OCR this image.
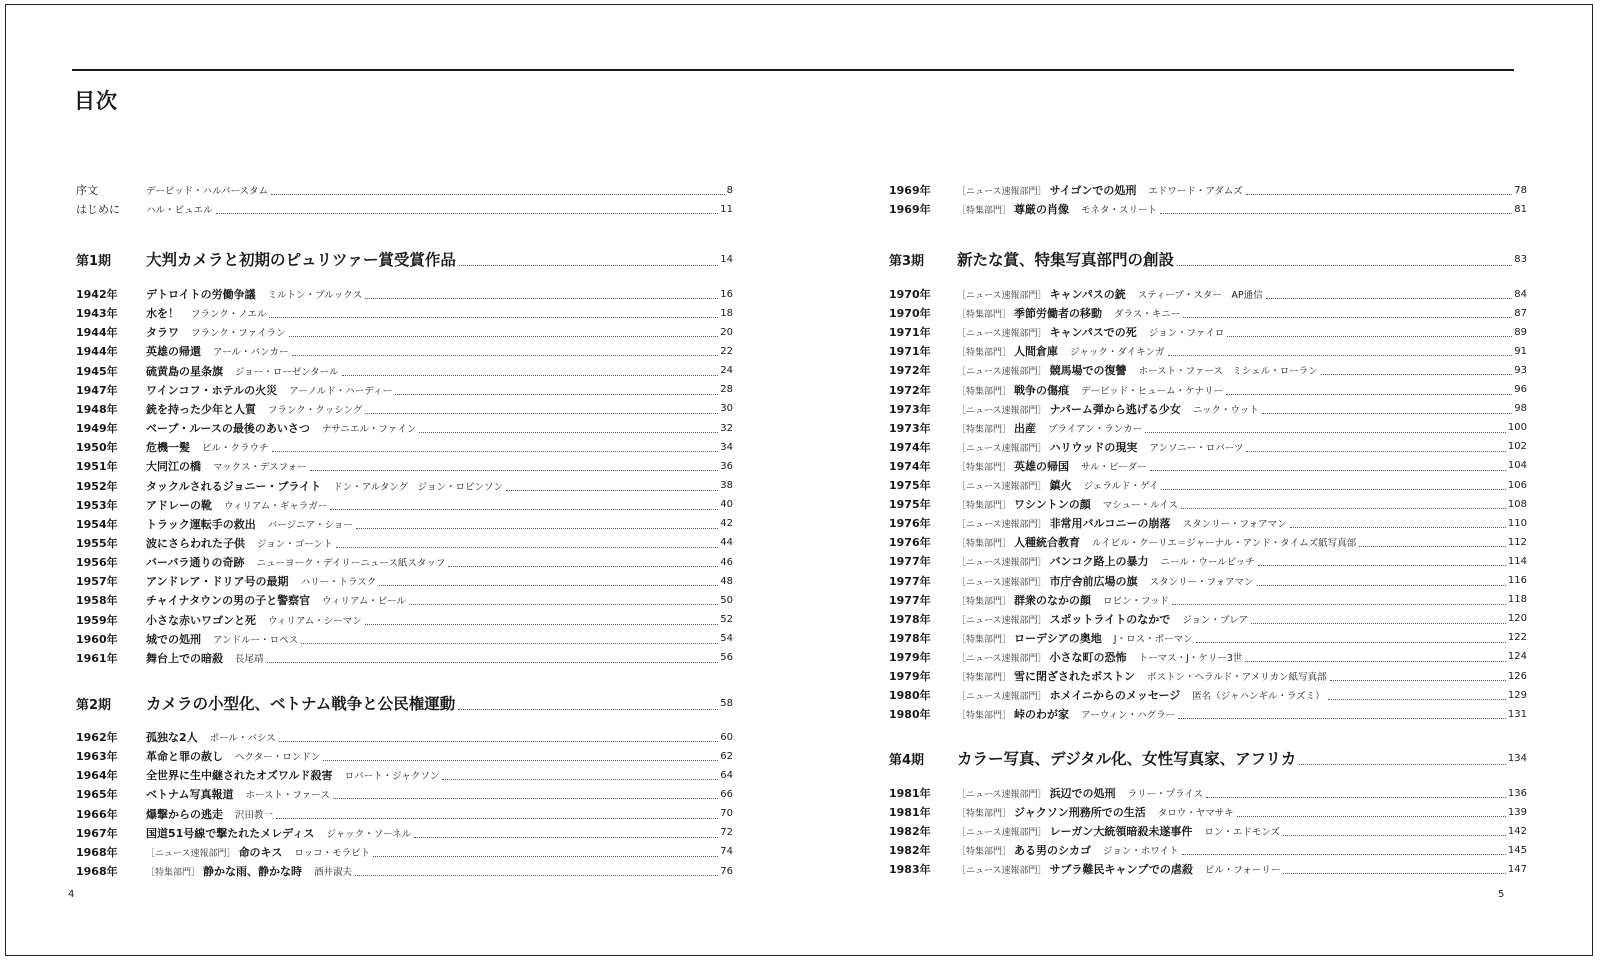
目次
序文	デービッド・ハルバースタム	8
はじめに	ハル・ビュエル	11
第1期	大判カメラと初期のピュリツァー賞受賞作品	14
1942年	デトロイトの労働争議 ミルトン・ブルックス	16
1943年	水を！ フランク・ノエル	18
1944年	タラワ フランク・ファイラン	20
1944年	英雄の帰還 アール・バンカー	22
1945年	硫黄島の星条旗 ジョー・ローゼンタール	24
1947年	ワインコフ・ホテルの火災 アーノルド・ハーディー	28
1948年	銃を持った少年と人質 フランク・クッシング	30
1949年	ベーブ・ルースの最後のあいさつ ナサニエル・ファイン	32
1950年	危機一髪 ビル・クラウチ	34
1951年	大同江の橋 マックス・デスフォー	36
1952年	タックルされるジョニー・ブライト ドン・アルタング　ジョン・ロビンソン	38
1953年	アドレーの靴 ウィリアム・ギャラガー	40
1954年	トラック運転手の救出 バージニア・ショー	42
1955年	波にさらわれた子供 ジョン・ゴーント	44
1956年	バーバラ通りの奇跡 ニューヨーク・デイリーニュース紙スタッフ	46
1957年	アンドレア・ドリア号の最期 ハリー・トラスク	48
1958年	チャイナタウンの男の子と警察官 ウィリアム・ビール	50
1959年	小さな赤いワゴンと死 ウィリアム・シーマン	52
1960年	城での処刑 アンドルー・ロペス	54
1961年	舞台上での暗殺 長尾靖	56
第2期	カメラの小型化、ベトナム戦争と公民権運動	58
1962年	孤独な2人 ポール・バシス	60
1963年	革命と罪の赦し ヘクター・ロンドン	62
1964年	全世界に生中継されたオズワルド殺害 ロバート・ジャクソン	64
1965年	ベトナム写真報道 ホースト・ファース	66
1966年	爆撃からの逃走 沢田教一	70
1967年	国道51号線で撃たれたメレディス ジャック・ソーネル	72
1968年	［ニュース速報部門］ 命のキス ロッコ・モラビト	74
1968年	［特集部門］ 静かな雨、静かな時 酒井淑夫	76
1969年	［ニュース速報部門］ サイゴンでの処刑 エドワード・アダムズ	78
1969年	［特集部門］ 尊厳の肖像 モネタ・スリート	81
第3期	新たな賞、特集写真部門の創設	83
1970年	［ニュース速報部門］ キャンパスの銃 スティーブ・スター　AP通信	84
1970年	［特集部門］ 季節労働者の移動 ダラス・キニー	87
1971年	［ニュース速報部門］ キャンパスでの死 ジョン・ファイロ	89
1971年	［特集部門］ 人間倉庫 ジャック・ダイキンガ	91
1972年	［ニュース速報部門］ 競馬場での復讐 ホースト・ファース　ミシェル・ローラン	93
1972年	［特集部門］ 戦争の傷痕 デービッド・ヒューム・ケナリー	96
1973年	［ニュース速報部門］ ナパーム弾から逃げる少女 ニック・ウット	98
1973年	［特集部門］ 出産 ブライアン・ランカー	100
1974年	［ニュース速報部門］ ハリウッドの現実 アンソニー・ロバーツ	102
1974年	［特集部門］ 英雄の帰国 サル・ビーダー	104
1975年	［ニュース速報部門］ 鎮火 ジェラルド・ゲイ	106
1975年	［特集部門］ ワシントンの顔 マシュー・ルイス	108
1976年	［ニュース速報部門］ 非常用バルコニーの崩落 スタンリー・フォアマン	110
1976年	［特集部門］ 人種統合教育 ルイビル・クーリエ＝ジャーナル・アンド・タイムズ紙写真部	112
1977年	［ニュース速報部門］ バンコク路上の暴力 ニール・ウールビッチ	114
1977年	［ニュース速報部門］ 市庁舎前広場の旗 スタンリー・フォアマン	116
1977年	［特集部門］ 群衆のなかの顔 ロビン・フッド	118
1978年	［ニュース速報部門］ スポットライトのなかで ジョン・ブレア	120
1978年	［特集部門］ ローデシアの奥地 J・ロス・ボーマン	122
1979年	［ニュース速報部門］ 小さな町の恐怖 トーマス・J・ケリー3世	124
1979年	［特集部門］ 雪に閉ざされたボストン ボストン・ヘラルド・アメリカン紙写真部	126
1980年	［ニュース速報部門］ ホメイニからのメッセージ 匿名（ジャハンギル・ラズミ）	129
1980年	［特集部門］ 峠のわが家 アーウィン・ハグラー	131
第4期	カラー写真、デジタル化、女性写真家、アフリカ	134
1981年	［ニュース速報部門］ 浜辺での処刑 ラリー・プライス	136
1981年	［特集部門］ ジャクソン刑務所での生活 タロウ・ヤマサキ	139
1982年	［ニュース速報部門］ レーガン大統領暗殺未遂事件 ロン・エドモンズ	142
1982年	［特集部門］ ある男のシカゴ ジョン・ホワイト	145
1983年	［ニュース速報部門］ サブラ難民キャンプでの虐殺 ビル・フォーリー	147

4	5
